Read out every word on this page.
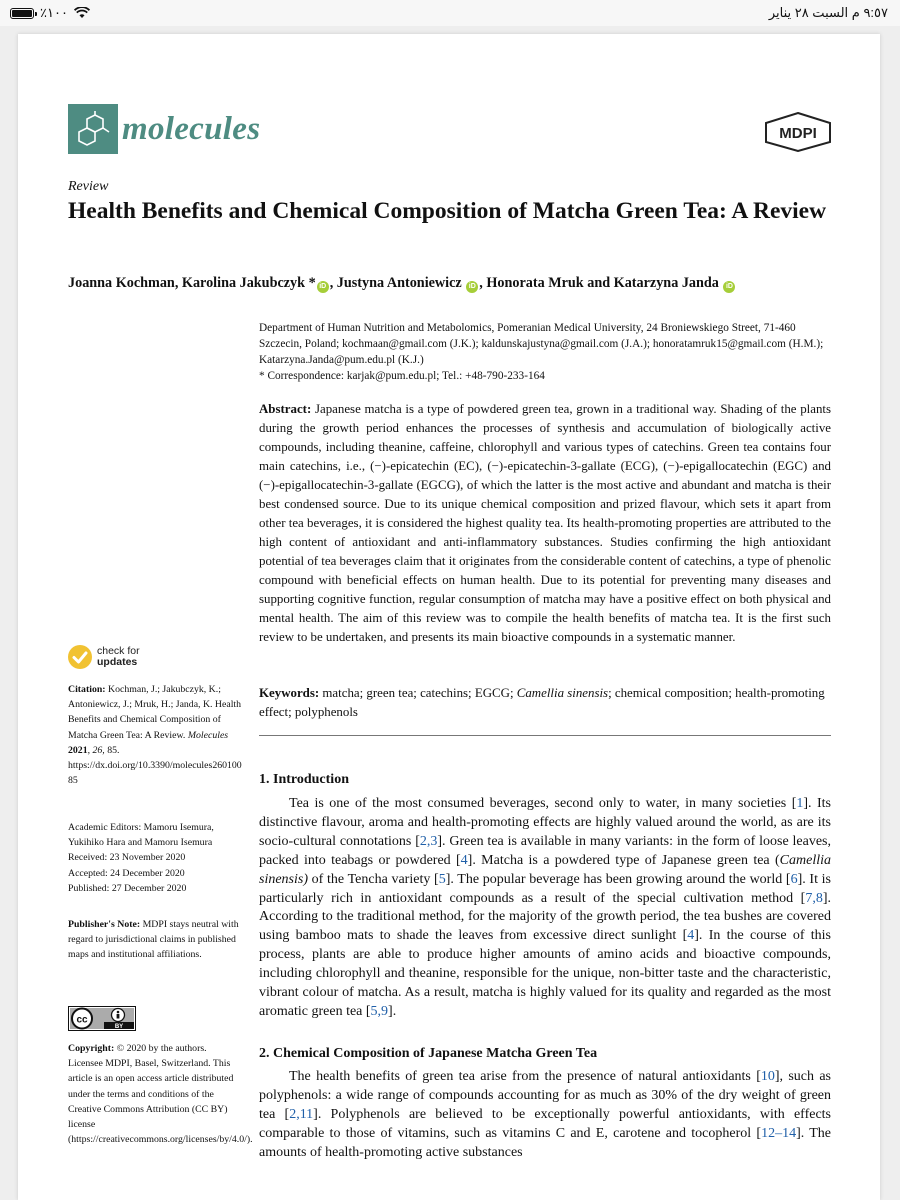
٪١٠٠	٩:٥٧ م السبت ٢٨ يناير
molecules	MDPI
Review
Health Benefits and Chemical Composition of Matcha Green Tea: A Review
Joanna Kochman, Karolina Jakubczyk * iD , Justyna Antoniewicz iD , Honorata Mruk and Katarzyna Janda iD
Department of Human Nutrition and Metabolomics, Pomeranian Medical University, 24 Broniewskiego Street, 71-460 Szczecin, Poland; kochmaan@gmail.com (J.K.); kaldunskajustyna@gmail.com (J.A.); honoratamruk15@gmail.com (H.M.); Katarzyna.Janda@pum.edu.pl (K.J.)
* Correspondence: karjak@pum.edu.pl; Tel.: +48-790-233-164
Abstract: Japanese matcha is a type of powdered green tea, grown in a traditional way. Shading of the plants during the growth period enhances the processes of synthesis and accumulation of biologically active compounds, including theanine, caffeine, chlorophyll and various types of catechins. Green tea contains four main catechins, i.e., (−)-epicatechin (EC), (−)-epicatechin-3-gallate (ECG), (−)-epigallocatechin (EGC) and (−)-epigallocatechin-3-gallate (EGCG), of which the latter is the most active and abundant and matcha is their best condensed source. Due to its unique chemical composition and prized flavour, which sets it apart from other tea beverages, it is considered the highest quality tea. Its health-promoting properties are attributed to the high content of antioxidant and anti-inflammatory substances. Studies confirming the high antioxidant potential of tea beverages claim that it originates from the considerable content of catechins, a type of phenolic compound with beneficial effects on human health. Due to its potential for preventing many diseases and supporting cognitive function, regular consumption of matcha may have a positive effect on both physical and mental health. The aim of this review was to compile the health benefits of matcha tea. It is the first such review to be undertaken, and presents its main bioactive compounds in a systematic manner.
Keywords: matcha; green tea; catechins; EGCG; Camellia sinensis; chemical composition; health-promoting effect; polyphenols
check for
updates
Citation: Kochman, J.; Jakubczyk, K.; Antoniewicz, J.; Mruk, H.; Janda, K. Health Benefits and Chemical Composition of Matcha Green Tea: A Review. Molecules 2021, 26, 85.
https://dx.doi.org/10.3390/molecules26010085
Academic Editors: Mamoru Isemura, Yukihiko Hara and Mamoru Isemura
Received: 23 November 2020
Accepted: 24 December 2020
Published: 27 December 2020
Publisher's Note: MDPI stays neutral with regard to jurisdictional claims in published maps and institutional affiliations.
cc
BY
Copyright: © 2020 by the authors. Licensee MDPI, Basel, Switzerland. This article is an open access article distributed under the terms and conditions of the Creative Commons Attribution (CC BY) license (https://creativecommons.org/licenses/by/4.0/).
1. Introduction
Tea is one of the most consumed beverages, second only to water, in many societies [1]. Its distinctive flavour, aroma and health-promoting effects are highly valued around the world, as are its socio-cultural connotations [2,3]. Green tea is available in many variants: in the form of loose leaves, packed into teabags or powdered [4]. Matcha is a powdered type of Japanese green tea (Camellia sinensis) of the Tencha variety [5]. The popular beverage has been growing around the world [6]. It is particularly rich in antioxidant compounds as a result of the special cultivation method [7,8]. According to the traditional method, for the majority of the growth period, the tea bushes are covered using bamboo mats to shade the leaves from excessive direct sunlight [4]. In the course of this process, plants are able to produce higher amounts of amino acids and bioactive compounds, including chlorophyll and theanine, responsible for the unique, non-bitter taste and the characteristic, vibrant colour of matcha. As a result, matcha is highly valued for its quality and regarded as the most aromatic green tea [5,9].
2. Chemical Composition of Japanese Matcha Green Tea
The health benefits of green tea arise from the presence of natural antioxidants [10], such as polyphenols: a wide range of compounds accounting for as much as 30% of the dry weight of green tea [2,11]. Polyphenols are believed to be exceptionally powerful antioxidants, with effects comparable to those of vitamins, such as vitamins C and E, carotene and tocopherol [12–14]. The amounts of health-promoting active substances
